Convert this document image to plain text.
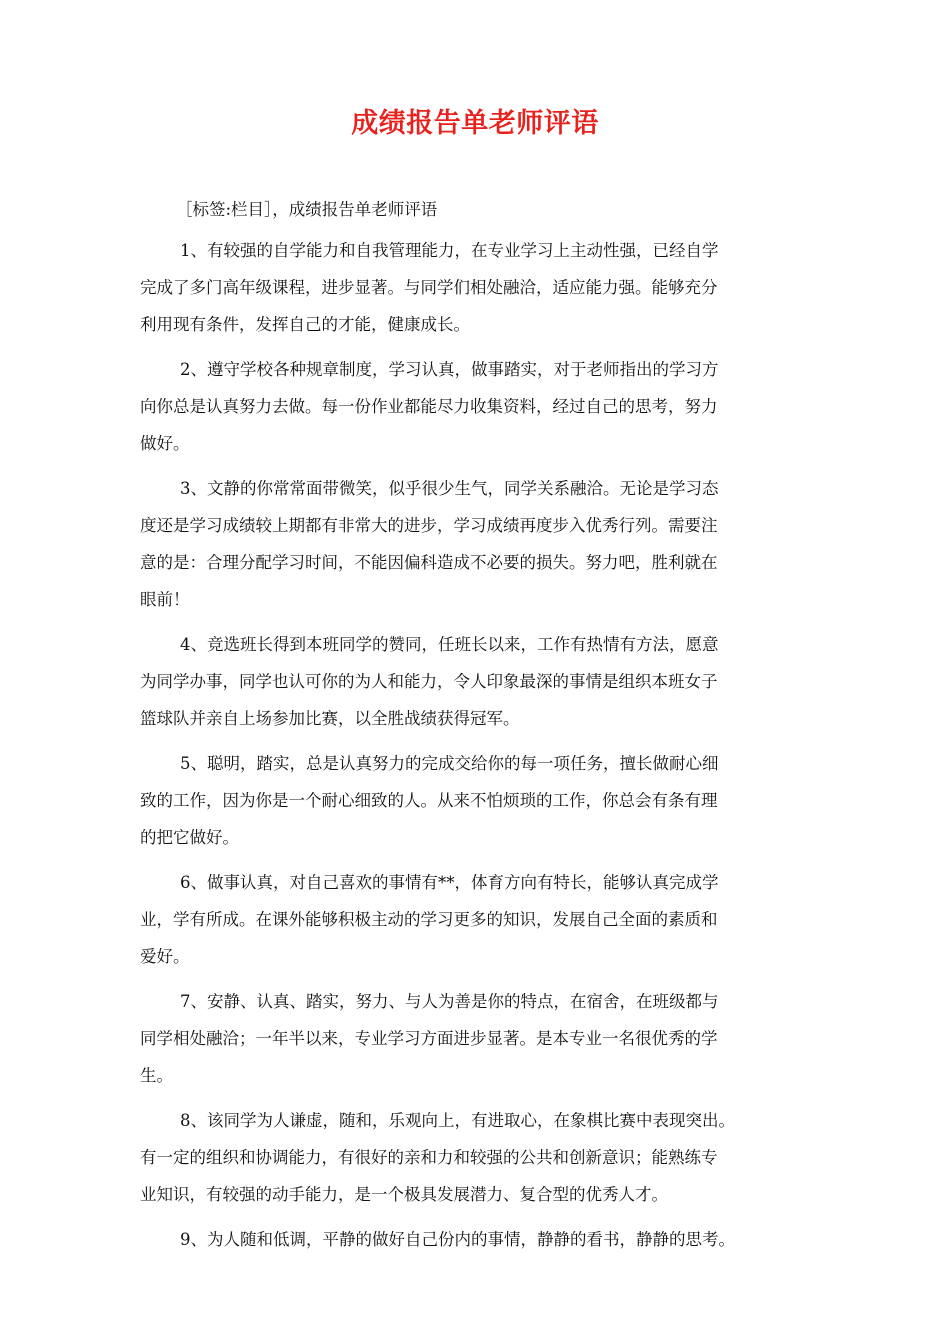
成绩报告单老师评语
［标签:栏目］，成绩报告单老师评语
1、有较强的自学能力和自我管理能力，在专业学习上主动性强，已经自学
完成了多门高年级课程，进步显著。与同学们相处融洽，适应能力强。能够充分
利用现有条件，发挥自己的才能，健康成长。
2、遵守学校各种规章制度，学习认真，做事踏实，对于老师指出的学习方
向你总是认真努力去做。每一份作业都能尽力收集资料，经过自己的思考，努力
做好。
3、文静的你常常面带微笑，似乎很少生气，同学关系融洽。无论是学习态
度还是学习成绩较上期都有非常大的进步，学习成绩再度步入优秀行列。需要注
意的是：合理分配学习时间，不能因偏科造成不必要的损失。努力吧，胜利就在
眼前！
4、竞选班长得到本班同学的赞同，任班长以来，工作有热情有方法，愿意
为同学办事，同学也认可你的为人和能力，令人印象最深的事情是组织本班女子
篮球队并亲自上场参加比赛，以全胜战绩获得冠军。
5、聪明，踏实，总是认真努力的完成交给你的每一项任务，擅长做耐心细
致的工作，因为你是一个耐心细致的人。从来不怕烦琐的工作，你总会有条有理
的把它做好。
6、做事认真，对自己喜欢的事情有**，体育方向有特长，能够认真完成学
业，学有所成。在课外能够积极主动的学习更多的知识，发展自己全面的素质和
爱好。
7、安静、认真、踏实，努力、与人为善是你的特点，在宿舍，在班级都与
同学相处融洽；一年半以来，专业学习方面进步显著。是本专业一名很优秀的学
生。
8、该同学为人谦虚，随和，乐观向上，有进取心，在象棋比赛中表现突出。
有一定的组织和协调能力，有很好的亲和力和较强的公共和创新意识；能熟练专
业知识，有较强的动手能力，是一个极具发展潜力、复合型的优秀人才。
9、为人随和低调，平静的做好自己份内的事情，静静的看书，静静的思考。
